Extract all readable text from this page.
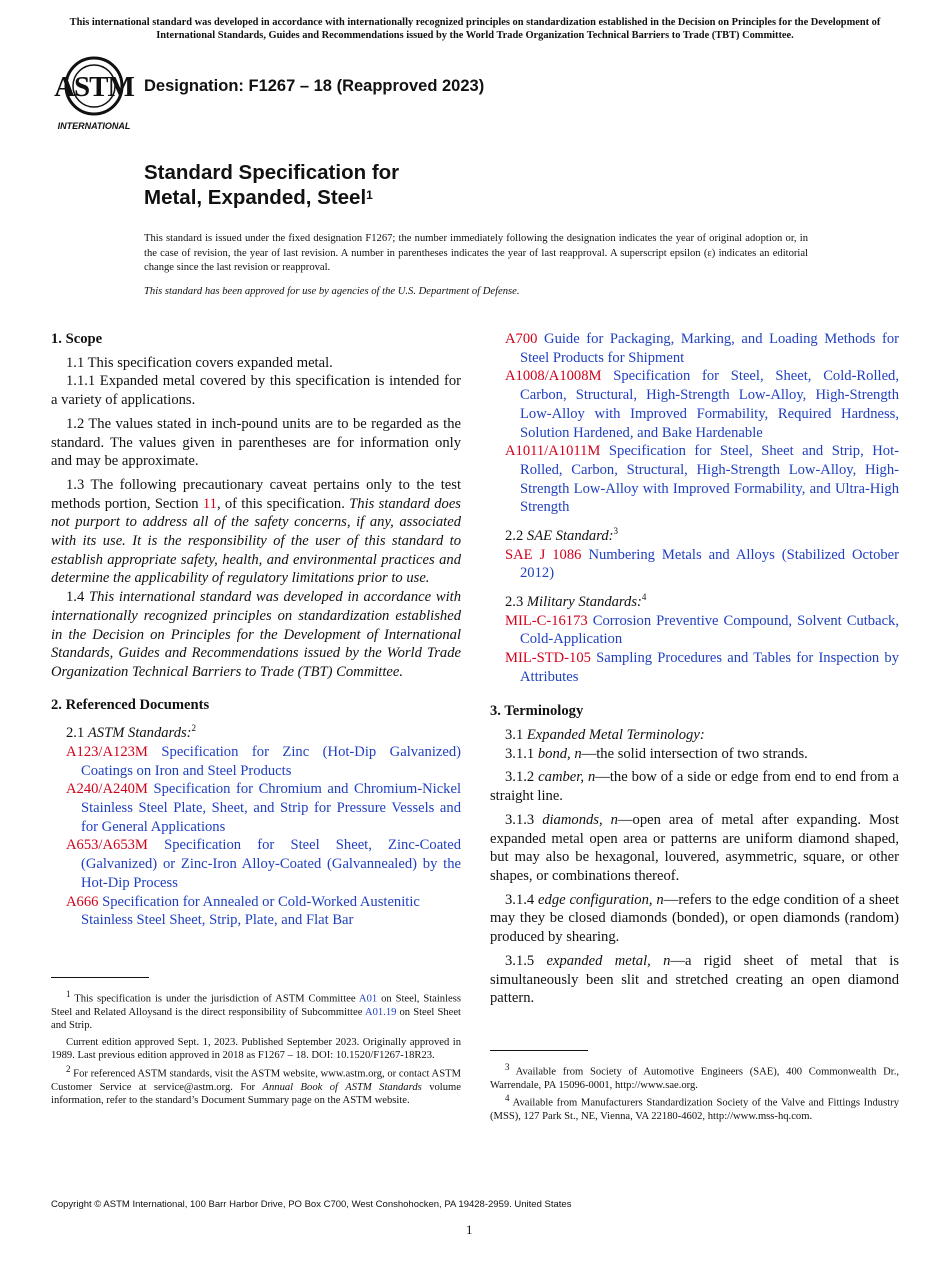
This international standard was developed in accordance with internationally recognized principles on standardization established in the Decision on Principles for the Development of International Standards, Guides and Recommendations issued by the World Trade Organization Technical Barriers to Trade (TBT) Committee.
ASTM
INTERNATIONAL
Designation: F1267 – 18 (Reapproved 2023)
Standard Specification for
Metal, Expanded, Steel$^1$
This standard is issued under the fixed designation F1267; the number immediately following the designation indicates the year of original adoption or, in the case of revision, the year of last revision. A number in parentheses indicates the year of last reapproval. A superscript epsilon (ε) indicates an editorial change since the last revision or reapproval.
This standard has been approved for use by agencies of the U.S. Department of Defense.

1. Scope

1.1 This specification covers expanded metal.

1.1.1 Expanded metal covered by this specification is intended for a variety of applications.

1.2 The values stated in inch-pound units are to be regarded as the standard. The values given in parentheses are for information only and may be approximate.

1.3 The following precautionary caveat pertains only to the test methods portion, Section 11, of this specification. This standard does not purport to address all of the safety concerns, if any, associated with its use. It is the responsibility of the user of this standard to establish appropriate safety, health, and environmental practices and determine the applicability of regulatory limitations prior to use.

1.4 This international standard was developed in accordance with internationally recognized principles on standardization established in the Decision on Principles for the Development of International Standards, Guides and Recommendations issued by the World Trade Organization Technical Barriers to Trade (TBT) Committee.

2. Referenced Documents

2.1 ASTM Standards:$^2$

A123/A123M Specification for Zinc (Hot-Dip Galvanized) Coatings on Iron and Steel Products

A240/A240M Specification for Chromium and Chromium-Nickel Stainless Steel Plate, Sheet, and Strip for Pressure Vessels and for General Applications

A653/A653M Specification for Steel Sheet, Zinc-Coated (Galvanized) or Zinc-Iron Alloy-Coated (Galvannealed) by the Hot-Dip Process

A666 Specification for Annealed or Cold-Worked Austenitic Stainless Steel Sheet, Strip, Plate, and Flat Bar

$^1$ This specification is under the jurisdiction of ASTM Committee A01 on Steel, Stainless Steel and Related Alloysand is the direct responsibility of Subcommittee A01.19 on Steel Sheet and Strip.

Current edition approved Sept. 1, 2023. Published September 2023. Originally approved in 1989. Last previous edition approved in 2018 as F1267 – 18. DOI: 10.1520/F1267-18R23.

$^2$ For referenced ASTM standards, visit the ASTM website, www.astm.org, or contact ASTM Customer Service at service@astm.org. For Annual Book of ASTM Standards volume information, refer to the standard’s Document Summary page on the ASTM website.

A700 Guide for Packaging, Marking, and Loading Methods for Steel Products for Shipment

A1008/A1008M Specification for Steel, Sheet, Cold-Rolled, Carbon, Structural, High-Strength Low-Alloy, High-Strength Low-Alloy with Improved Formability, Required Hardness, Solution Hardened, and Bake Hardenable

A1011/A1011M Specification for Steel, Sheet and Strip, Hot-Rolled, Carbon, Structural, High-Strength Low-Alloy, High-Strength Low-Alloy with Improved Formability, and Ultra-High Strength

2.2 SAE Standard:$^3$

SAE J 1086 Numbering Metals and Alloys (Stabilized October 2012)

2.3 Military Standards:$^4$

MIL-C-16173 Corrosion Preventive Compound, Solvent Cutback, Cold-Application

MIL-STD-105 Sampling Procedures and Tables for Inspection by Attributes

3. Terminology

3.1 Expanded Metal Terminology:

3.1.1 bond, n—the solid intersection of two strands.

3.1.2 camber, n—the bow of a side or edge from end to end from a straight line.

3.1.3 diamonds, n—open area of metal after expanding. Most expanded metal open area or patterns are uniform diamond shaped, but may also be hexagonal, louvered, asymmetric, square, or other shapes, or combinations thereof.

3.1.4 edge configuration, n—refers to the edge condition of a sheet may they be closed diamonds (bonded), or open diamonds (random) produced by shearing.

3.1.5 expanded metal, n—a rigid sheet of metal that is simultaneously been slit and stretched creating an open diamond pattern.

$^3$ Available from Society of Automotive Engineers (SAE), 400 Commonwealth Dr., Warrendale, PA 15096-0001, http://www.sae.org.

$^4$ Available from Manufacturers Standardization Society of the Valve and Fittings Industry (MSS), 127 Park St., NE, Vienna, VA 22180-4602, http://www.mss-hq.com.

Copyright © ASTM International, 100 Barr Harbor Drive, PO Box C700, West Conshohocken, PA 19428-2959. United States
1
